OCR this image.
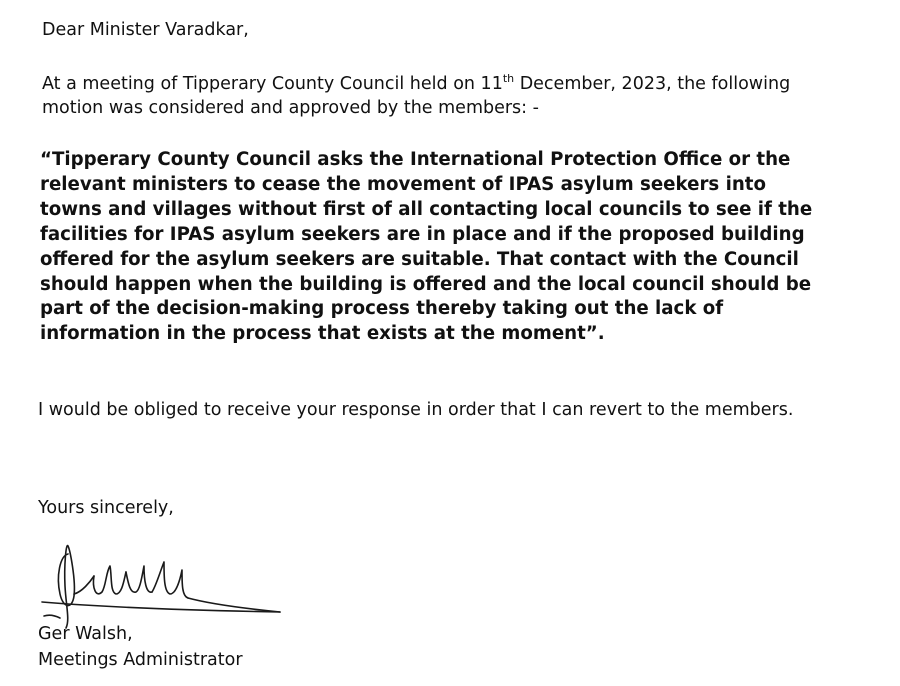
Dear Minister Varadkar,

At a meeting of Tipperary County Council held on 11th December, 2023, the following motion was considered and approved by the members: -

“Tipperary County Council asks the International Protection Office or the relevant ministers to cease the movement of IPAS asylum seekers into towns and villages without first of all contacting local councils to see if the facilities for IPAS asylum seekers are in place and if the proposed building offered for the asylum seekers are suitable. That contact with the Council should happen when the building is offered and the local council should be part of the decision-making process thereby taking out the lack of information in the process that exists at the moment”.

I would be obliged to receive your response in order that I can revert to the members.

Yours sincerely,

Ger Walsh,

Meetings Administrator
